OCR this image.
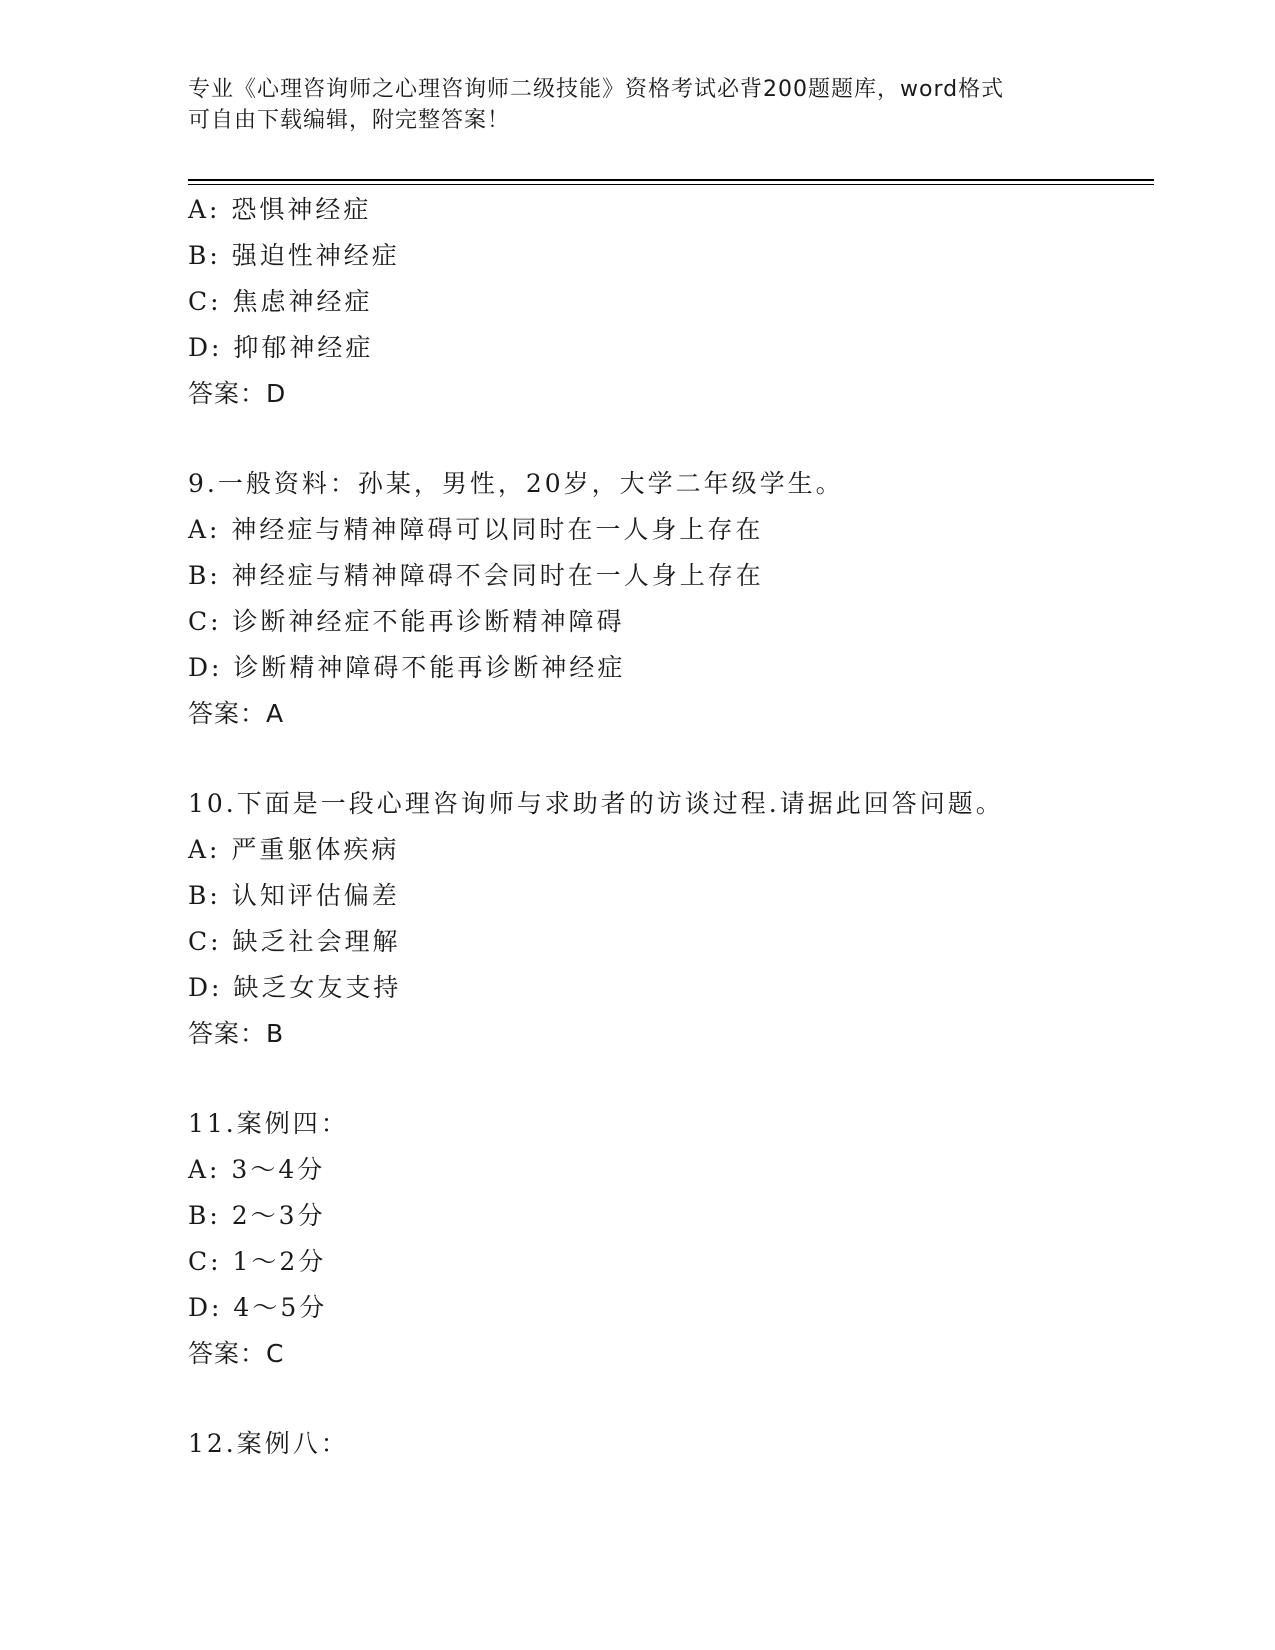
专业《心理咨询师之心理咨询师二级技能》资格考试必背200题题库，word格式
可自由下载编辑，附完整答案！
A: 恐惧神经症
B: 强迫性神经症
C: 焦虑神经症
D: 抑郁神经症
答案：D
9.一般资料：孙某，男性，20岁，大学二年级学生。
A: 神经症与精神障碍可以同时在一人身上存在
B: 神经症与精神障碍不会同时在一人身上存在
C: 诊断神经症不能再诊断精神障碍
D: 诊断精神障碍不能再诊断神经症
答案：A
10.下面是一段心理咨询师与求助者的访谈过程.请据此回答问题。
A: 严重躯体疾病
B: 认知评估偏差
C: 缺乏社会理解
D: 缺乏女友支持
答案：B
11.案例四：
A: 3～4分
B: 2～3分
C: 1～2分
D: 4～5分
答案：C
12.案例八：
